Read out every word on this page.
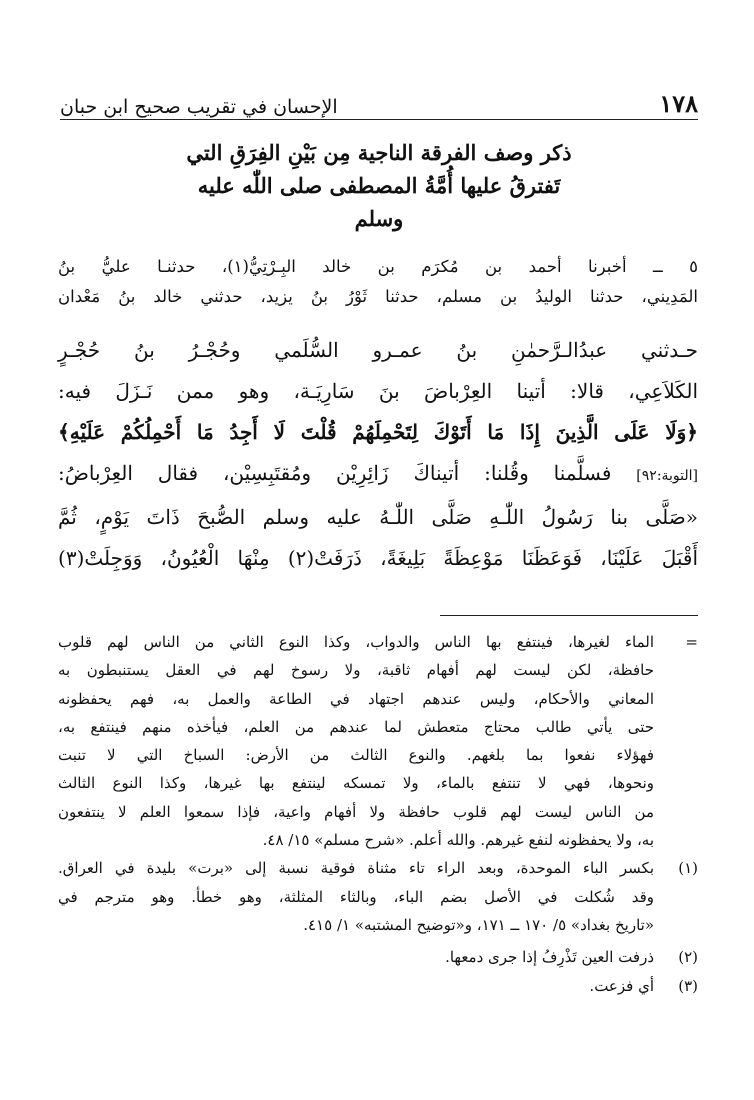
١٧٨
الإحسان في تقريب صحيح ابن حبان
ذكر وصف الفرقة الناجية مِن بَيْنِ الفِرَقِ التي
تَفترقُ عليها أُمَّةُ المصطفى صلى اللّٰه عليه
وسلم

٥ ــ أخبرنا أحمد بن مُكرَم بن خالد البِـرْتِيُّ(١)، حدثنـا عليُّ بنُ

المَدِيني، حدثنا الوليدُ بن مسلم، حدثنا ثَوْرُ بنُ يزيد، حدثني خالد بنُ مَعْدان

حـدثني عبدُالـرَّحمٰنِ بنُ عمـرو السُّلَمي وحُجْـرُ بنُ حُجْـرٍ

الكَلاَعِي، قالا: أتينا العِرْباضَ بنَ سَارِيَـة، وهو ممن نَـزَلَ فيه:

﴿وَلَا عَلَى الَّذِينَ إِذَا مَا أَتَوْكَ لِتَحْمِلَهُمْ قُلْتَ لَا أَجِدُ مَا أَحْمِلُكُمْ عَلَيْهِ﴾

[التوبة:٩٢] فسلَّمنا وقُلنا: أتيناكَ زَائِرِيْن ومُقتَبِسِيْن، فقال العِرْباضُ:

«صَلَّى بنا رَسُولُ اللّٰـهِ صَلَّى اللّٰـهُ عليه وسلم الصُّبحَ ذَاتَ يَوْمٍ، ثُمَّ

أَقْبَلَ عَلَيْنَا، فَوَعَظَنَا مَوْعِظَةً بَلِيغَةً، ذَرَفَتْ(٢) مِنْهَا الْعُيُونُ، وَوَجِلَتْ(٣)

=

الماء لغيرها، فينتفع بها الناس والدواب، وكذا النوع الثاني من الناس لهم قلوب

حافظة، لكن ليست لهم أفهام ثاقبة، ولا رسوخ لهم في العقل يستنبطون به

المعاني والأحكام، وليس عندهم اجتهاد في الطاعة والعمل به، فهم يحفظونه

حتى يأتي طالب محتاج متعطش لما عندهم من العلم، فيأخذه منهم فينتفع به،

فهؤلاء نفعوا بما بلغهم. والنوع الثالث من الأرض: السباخ التي لا تنبت

ونحوها، فهي لا تنتفع بالماء، ولا تمسكه لينتفع بها غيرها، وكذا النوع الثالث

من الناس ليست لهم قلوب حافظة ولا أفهام واعية، فإذا سمعوا العلم لا ينتفعون

به، ولا يحفظونه لنفع غيرهم. والله أعلم. «شرح مسلم» ١٥/ ٤٨.

(١)

بكسر الباء الموحدة، وبعد الراء تاء مثناة فوقية نسبة إلى «برت» بليدة في العراق.

وقد شُكلت في الأصل بضم الباء، وبالثاء المثلثة، وهو خطأ. وهو مترجم في

«تاريخ بغداد» ٥/ ١٧٠ ــ ١٧١، و«توضيح المشتبه» ١/ ٤١٥.

(٢)

ذرفت العين تَذْرِفُ إذا جرى دمعها.

(٣)

أي فزعت.
